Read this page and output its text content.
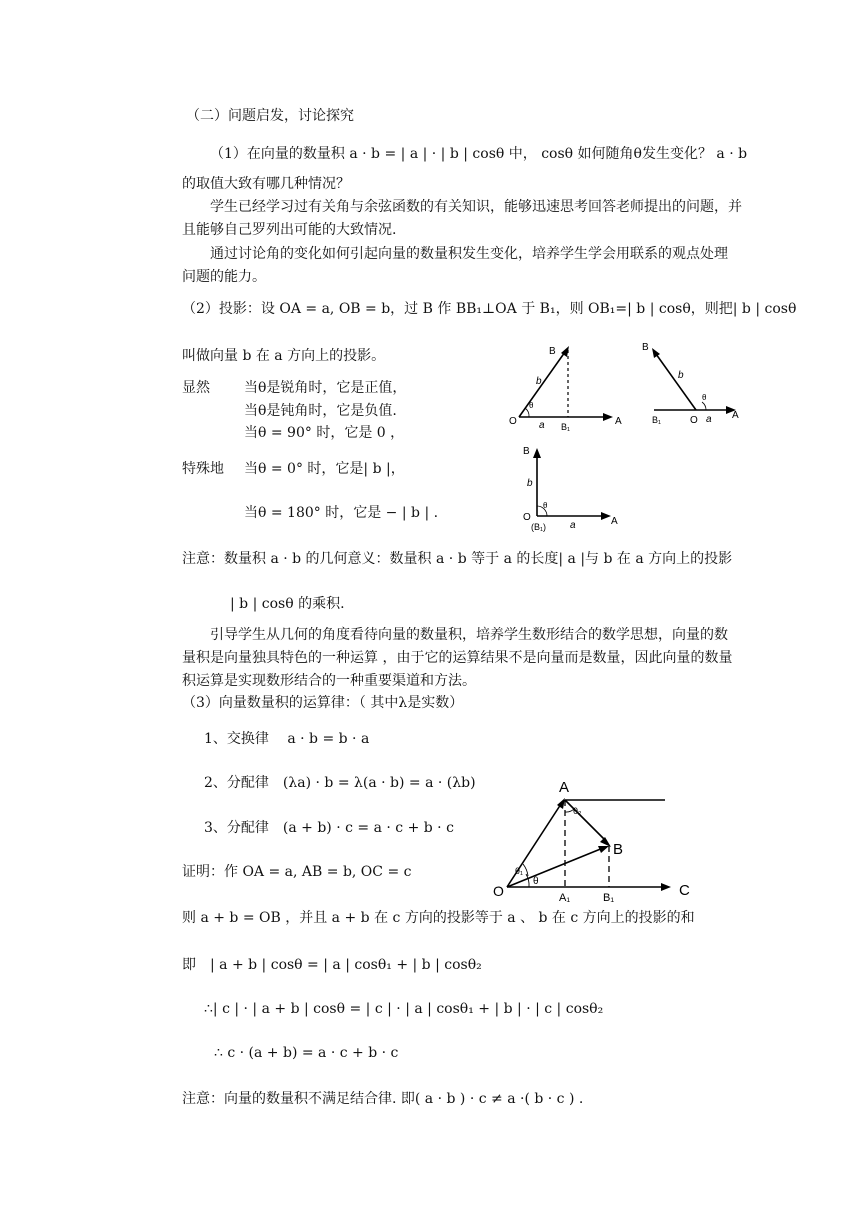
（二）问题启发，讨论探究
（1）在向量的数量积 a · b = | a | · | b | cosθ 中， cosθ 如何随角θ发生变化？ a · b
的取值大致有哪几种情况？
学生已经学习过有关角与余弦函数的有关知识，能够迅速思考回答老师提出的问题，并
且能够自己罗列出可能的大致情况.
通过讨论角的变化如何引起向量的数量积发生变化，培养学生学会用联系的观点处理
问题的能力。
（2）投影：设 OA = a, OB = b，过 B 作 BB₁⊥OA 于 B₁，则 OB₁=| b | cosθ，则把| b | cosθ
叫做向量 b 在 a 方向上的投影。
显然 当θ是锐角时，它是正值，
当θ是钝角时，它是负值.
当θ = 90° 时，它是 0 ，
特殊地 当θ = 0° 时，它是| b |，
当θ = 180° 时，它是 − | b | .
B
b
θ
O a B₁	A
B
b
θ
B₁	O a A
B
b
θ
O
(B₁) a	A
注意：数量积 a · b 的几何意义：数量积 a · b 等于 a 的长度| a |与 b 在 a 方向上的投影
| b | cosθ 的乘积.
引导学生从几何的角度看待向量的数量积，培养学生数形结合的数学思想，向量的数
量积是向量独具特色的一种运算 ，由于它的运算结果不是向量而是数量，因此向量的数量
积运算是实现数形结合的一种重要渠道和方法。
（3）向量数量积的运算律：（ 其中λ是实数）
1、交换律　 a · b = b · a
2、分配律　(λa) · b = λ(a · b) = a · (λb)
3、分配律　(a + b) · c = a · c + b · c
A
B
O	A₁	B₁	C
θ
θ₁
θ₂
证明：作 OA = a, AB = b, OC = c
则 a + b = OB ，并且 a + b 在 c 方向的投影等于 a 、 b 在 c 方向上的投影的和
即　| a + b | cosθ = | a | cosθ₁ + | b | cosθ₂
∴| c | · | a + b | cosθ = | c | · | a | cosθ₁ + | b | · | c | cosθ₂
∴ c · (a + b) = a · c + b · c
注意：向量的数量积不满足结合律. 即( a · b ) · c ≠ a ·( b · c ) .
